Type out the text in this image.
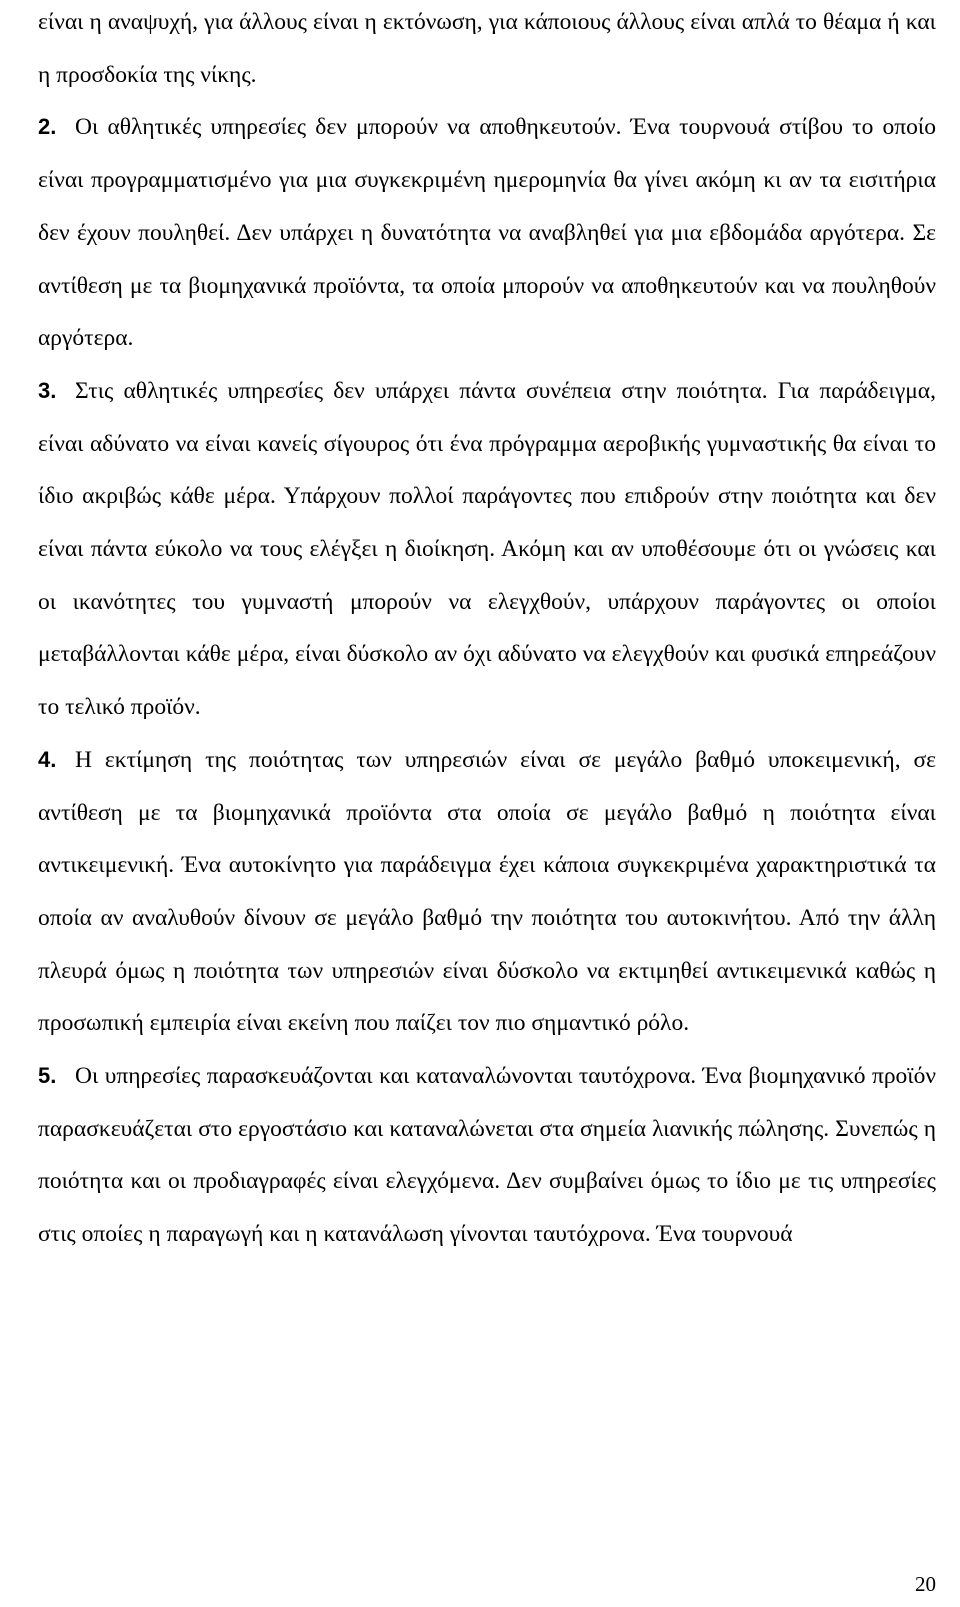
είναι η αναψυχή, για άλλους είναι η εκτόνωση, για κάποιους άλλους είναι απλά το θέαμα ή και η προσδοκία της νίκης.

2. Οι αθλητικές υπηρεσίες δεν μπορούν να αποθηκευτούν. Ένα τουρνουά στίβου το οποίο είναι προγραμματισμένο για μια συγκεκριμένη ημερομηνία θα γίνει ακόμη κι αν τα εισιτήρια δεν έχουν πουληθεί. Δεν υπάρχει η δυνατότητα να αναβληθεί για μια εβδομάδα αργότερα. Σε αντίθεση με τα βιομηχανικά προϊόντα, τα οποία μπορούν να αποθηκευτούν και να πουληθούν αργότερα.

3. Στις αθλητικές υπηρεσίες δεν υπάρχει πάντα συνέπεια στην ποιότητα. Για παράδειγμα, είναι αδύνατο να είναι κανείς σίγουρος ότι ένα πρόγραμμα αεροβικής γυμναστικής θα είναι το ίδιο ακριβώς κάθε μέρα. Υπάρχουν πολλοί παράγοντες που επιδρούν στην ποιότητα και δεν είναι πάντα εύκολο να τους ελέγξει η διοίκηση. Ακόμη και αν υποθέσουμε ότι οι γνώσεις και οι ικανότητες του γυμναστή μπορούν να ελεγχθούν, υπάρχουν παράγοντες οι οποίοι μεταβάλλονται κάθε μέρα, είναι δύσκολο αν όχι αδύνατο να ελεγχθούν και φυσικά επηρεάζουν το τελικό προϊόν.

4. Η εκτίμηση της ποιότητας των υπηρεσιών είναι σε μεγάλο βαθμό υποκειμενική, σε αντίθεση με τα βιομηχανικά προϊόντα στα οποία σε μεγάλο βαθμό η ποιότητα είναι αντικειμενική. Ένα αυτοκίνητο για παράδειγμα έχει κάποια συγκεκριμένα χαρακτηριστικά τα οποία αν αναλυθούν δίνουν σε μεγάλο βαθμό την ποιότητα του αυτοκινήτου. Από την άλλη πλευρά όμως η ποιότητα των υπηρεσιών είναι δύσκολο να εκτιμηθεί αντικειμενικά καθώς η προσωπική εμπειρία είναι εκείνη που παίζει τον πιο σημαντικό ρόλο.

5. Οι υπηρεσίες παρασκευάζονται και καταναλώνονται ταυτόχρονα. Ένα βιομηχανικό προϊόν παρασκευάζεται στο εργοστάσιο και καταναλώνεται στα σημεία λιανικής πώλησης. Συνεπώς η ποιότητα και οι προδιαγραφές είναι ελεγχόμενα. Δεν συμβαίνει όμως το ίδιο με τις υπηρεσίες στις οποίες η παραγωγή και η κατανάλωση γίνονται ταυτόχρονα. Ένα τουρνουά

20
